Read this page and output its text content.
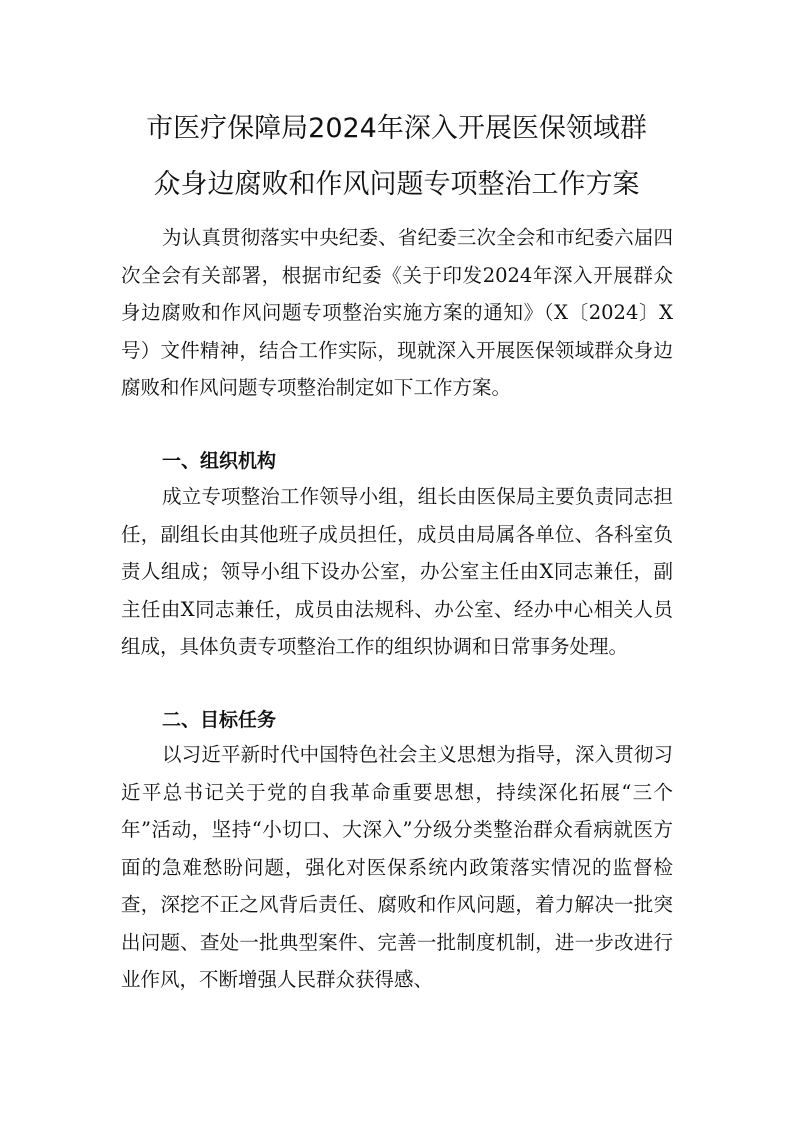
市医疗保障局2024年深入开展医保领域群
众身边腐败和作风问题专项整治工作方案

为认真贯彻落实中央纪委、省纪委三次全会和市纪委六届四次全会有关部署，根据市纪委《关于印发2024年深入开展群众身边腐败和作风问题专项整治实施方案的通知》（X〔2024〕X号）文件精神，结合工作实际，现就深入开展医保领域群众身边腐败和作风问题专项整治制定如下工作方案。

一、组织机构

成立专项整治工作领导小组，组长由医保局主要负责同志担任，副组长由其他班子成员担任，成员由局属各单位、各科室负责人组成；领导小组下设办公室，办公室主任由X同志兼任，副主任由X同志兼任，成员由法规科、办公室、经办中心相关人员组成，具体负责专项整治工作的组织协调和日常事务处理。

二、目标任务

以习近平新时代中国特色社会主义思想为指导，深入贯彻习近平总书记关于党的自我革命重要思想，持续深化拓展“三个年”活动，坚持“小切口、大深入”分级分类整治群众看病就医方面的急难愁盼问题，强化对医保系统内政策落实情况的监督检查，深挖不正之风背后责任、腐败和作风问题，着力解决一批突出问题、查处一批典型案件、完善一批制度机制，进一步改进行业作风，不断增强人民群众获得感、
